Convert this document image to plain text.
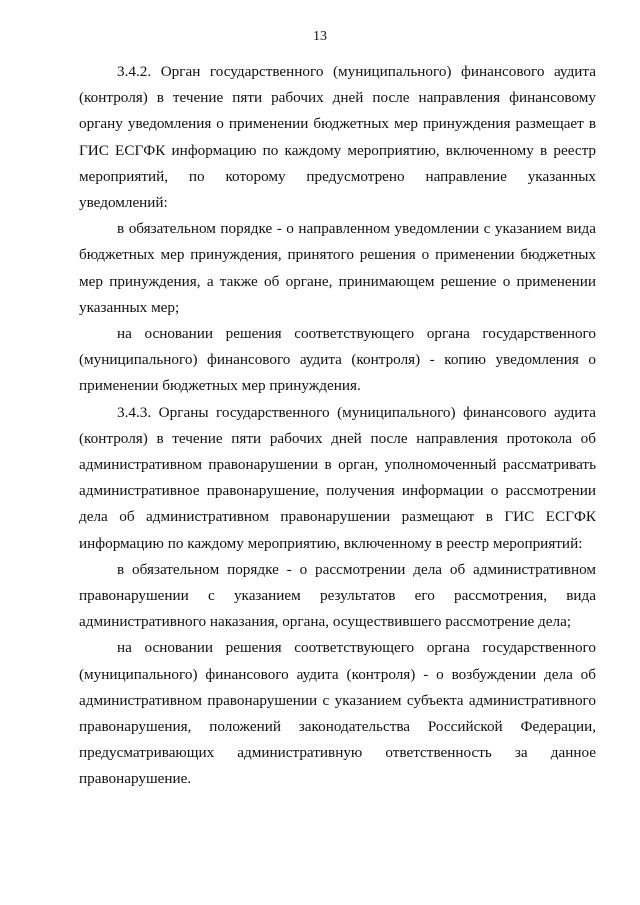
13

3.4.2. Орган государственного (муниципального) финансового аудита (контроля) в течение пяти рабочих дней после направления финансовому органу уведомления о применении бюджетных мер принуждения размещает в ГИС ЕСГФК информацию по каждому мероприятию, включенному в реестр мероприятий, по которому предусмотрено направление указанных уведомлений:

в обязательном порядке - о направленном уведомлении с указанием вида бюджетных мер принуждения, принятого решения о применении бюджетных мер принуждения, а также об органе, принимающем решение о применении указанных мер;

на основании решения соответствующего органа государственного (муниципального) финансового аудита (контроля) - копию уведомления о применении бюджетных мер принуждения.

3.4.3. Органы государственного (муниципального) финансового аудита (контроля) в течение пяти рабочих дней после направления протокола об административном правонарушении в орган, уполномоченный рассматривать административное правонарушение, получения информации о рассмотрении дела об административном правонарушении размещают в ГИС ЕСГФК информацию по каждому мероприятию, включенному в реестр мероприятий:

в обязательном порядке - о рассмотрении дела об административном правонарушении с указанием результатов его рассмотрения, вида административного наказания, органа, осуществившего рассмотрение дела;

на основании решения соответствующего органа государственного (муниципального) финансового аудита (контроля) - о возбуждении дела об административном правонарушении с указанием субъекта административного правонарушения, положений законодательства Российской Федерации, предусматривающих административную ответственность за данное правонарушение.
